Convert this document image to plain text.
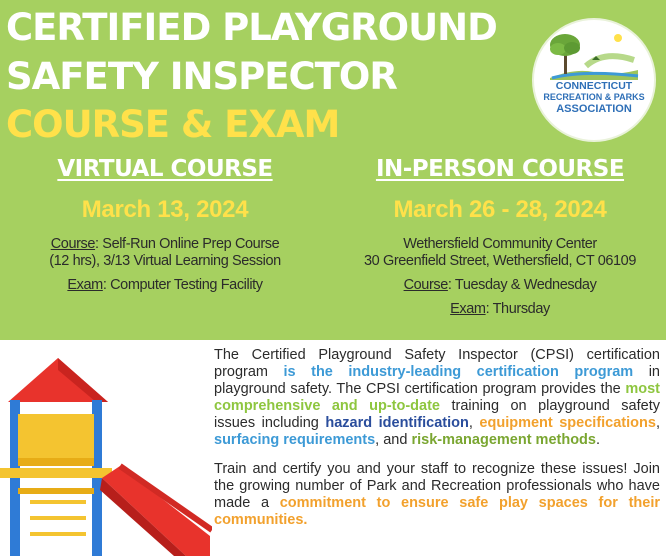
CERTIFIED PLAYGROUND
SAFETY INSPECTOR
COURSE & EXAM
CONNECTICUT
RECREATION & PARKS
ASSOCIATION
VIRTUAL COURSE
March 13, 2024
Course: Self-Run Online Prep Course
(12 hrs), 3/13 Virtual Learning Session
Exam: Computer Testing Facility
IN-PERSON COURSE
March 26 - 28, 2024
Wethersfield Community Center
30 Greenfield Street, Wethersfield, CT 06109
Course: Tuesday & Wednesday
Exam: Thursday

The Certified Playground Safety Inspector (CPSI) certification program is the industry-leading certification program in playground safety. The CPSI certification program provides the most comprehensive and up-to-date training on playground safety issues including hazard identification, equipment specifications, surfacing requirements, and risk-management methods.

Train and certify you and your staff to recognize these issues! Join the growing number of Park and Recreation professionals who have made a commitment to ensure safe play spaces for their communities.
